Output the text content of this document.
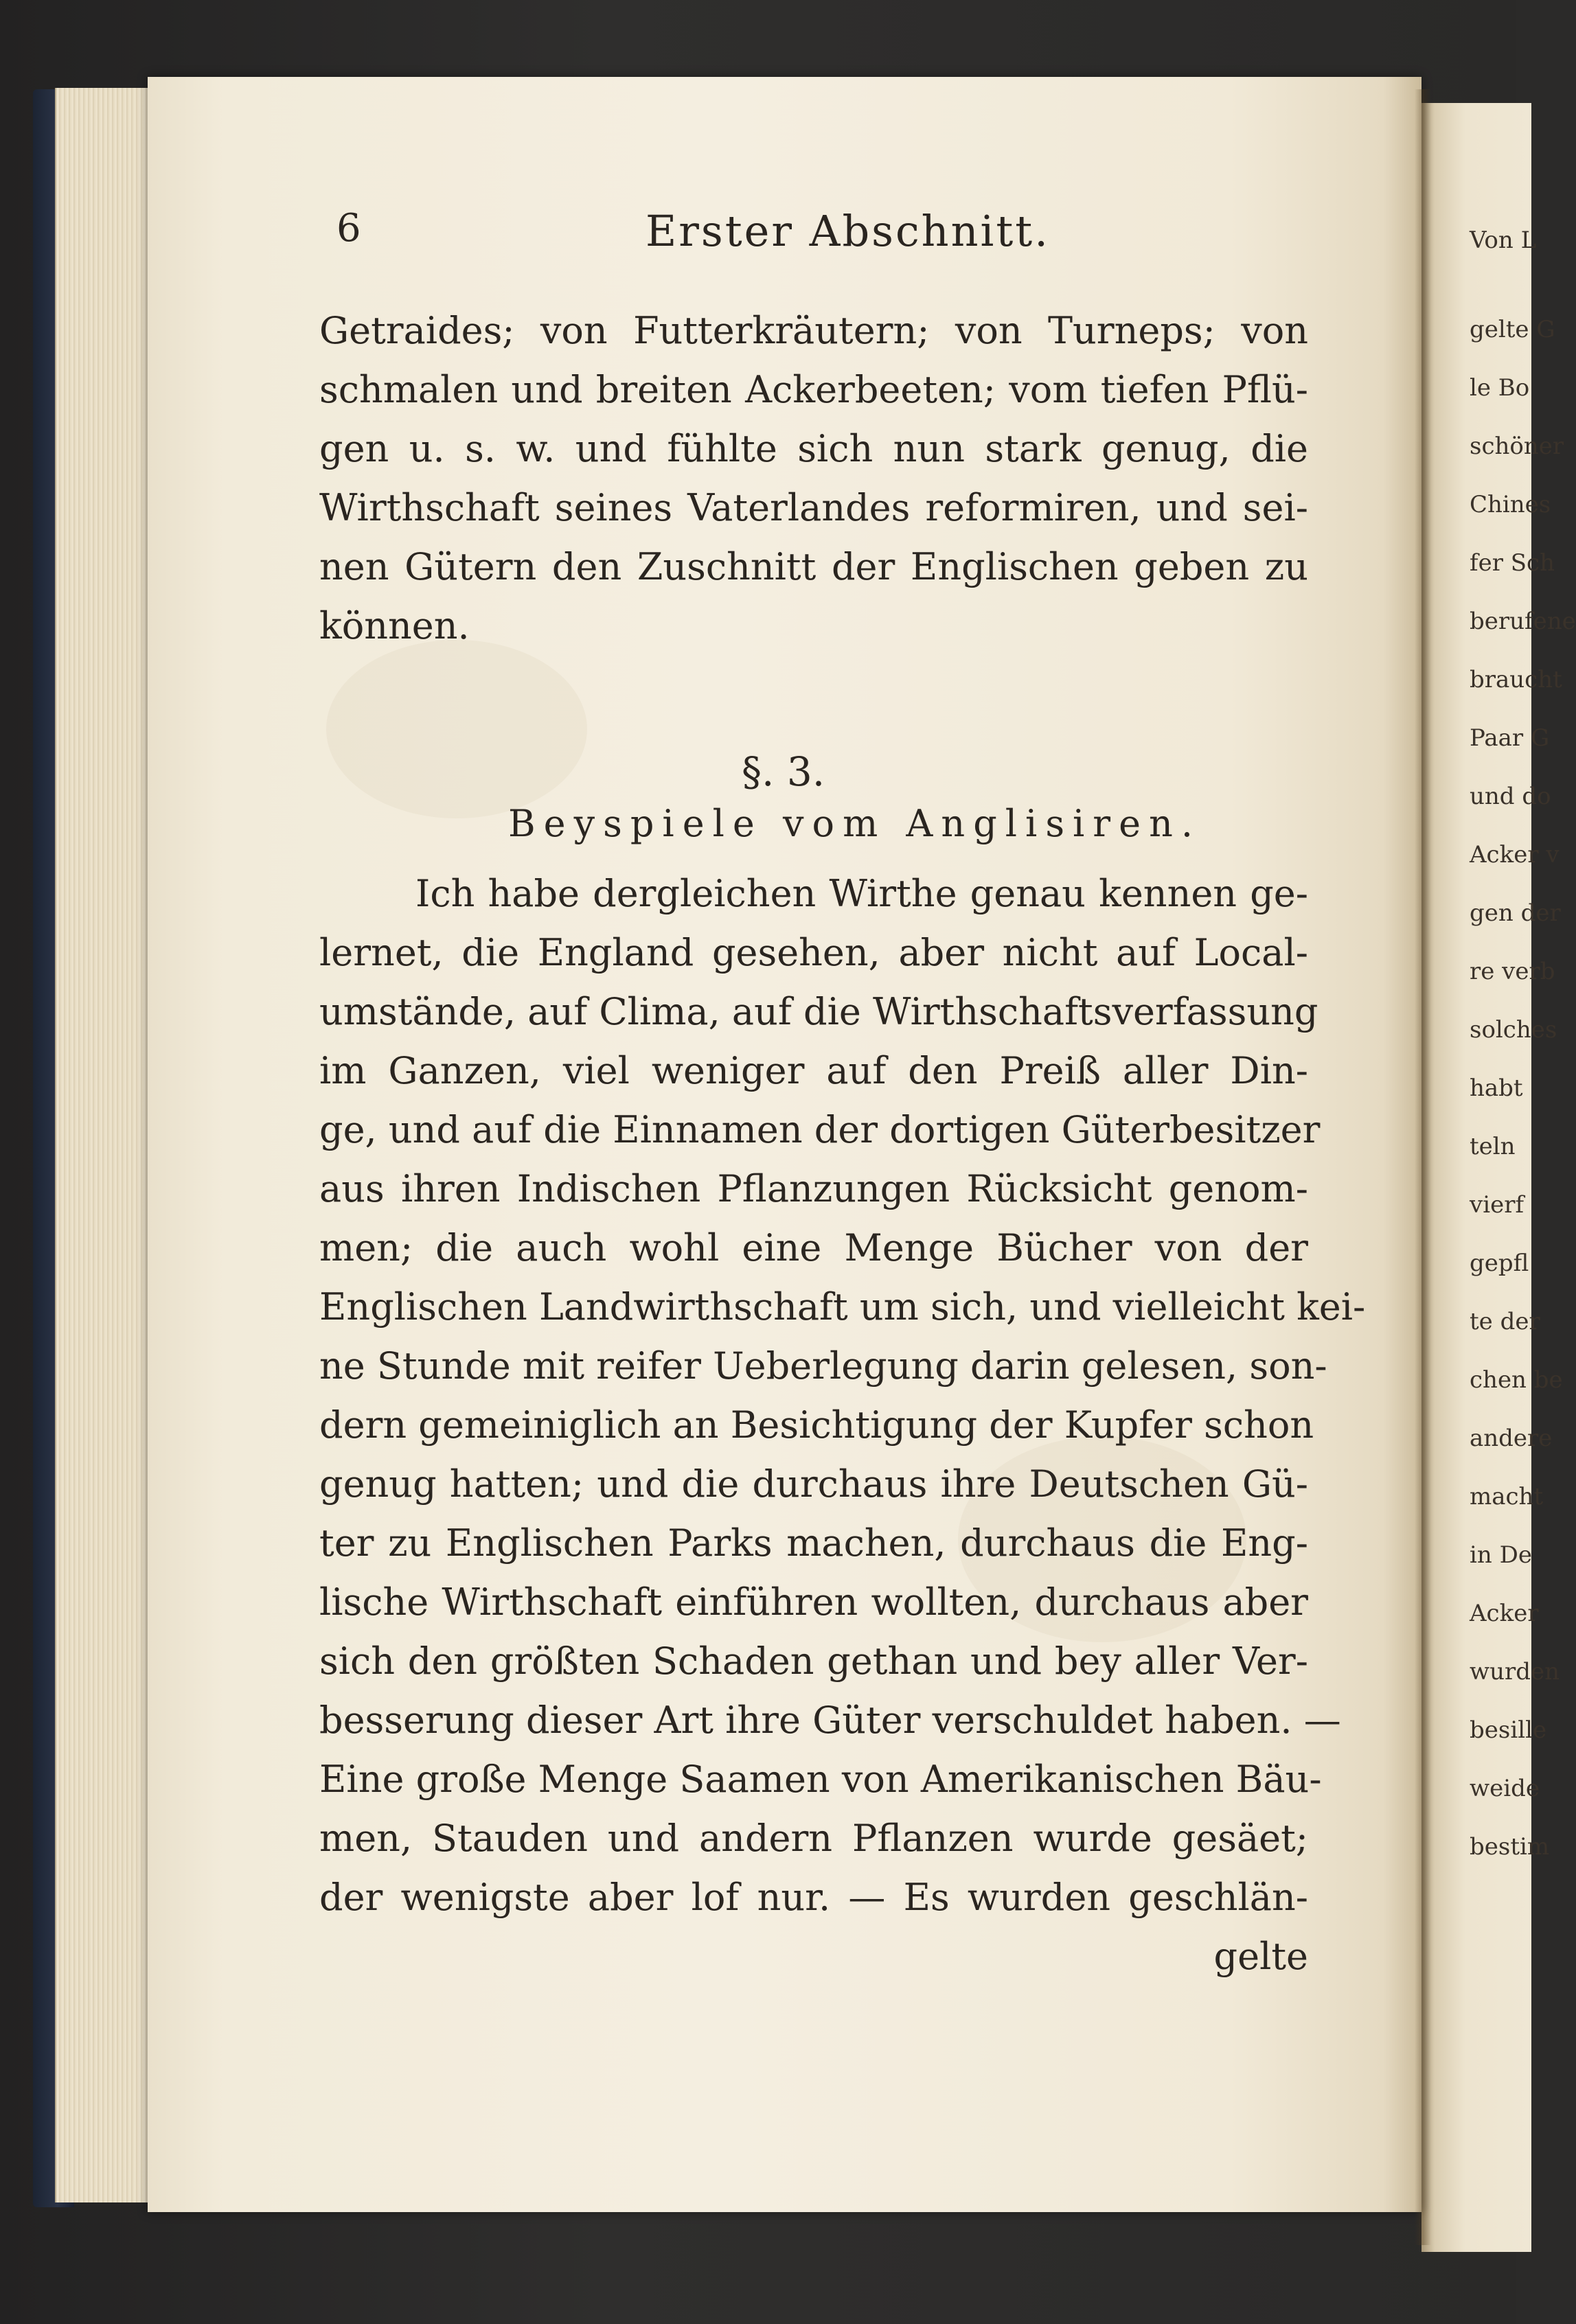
6	Erster Abschnitt.
Getraides; von Futterkräutern; von Turneps; von
schmalen und breiten Ackerbeeten; vom tiefen Pflü-
gen u. s. w. und fühlte sich nun stark genug, die
Wirthschaft seines Vaterlandes reformiren, und sei-
nen Gütern den Zuschnitt der Englischen geben zu
können.
§. 3.
Beyspiele vom Anglisiren.
Ich habe dergleichen Wirthe genau kennen ge-
lernet, die England gesehen, aber nicht auf Local-
umstände, auf Clima, auf die Wirthschaftsverfassung
im Ganzen, viel weniger auf den Preiß aller Din-
ge, und auf die Einnamen der dortigen Güterbesitzer
aus ihren Indischen Pflanzungen Rücksicht genom-
men; die auch wohl eine Menge Bücher von der
Englischen Landwirthschaft um sich, und vielleicht kei-
ne Stunde mit reifer Ueberlegung darin gelesen, son-
dern gemeiniglich an Besichtigung der Kupfer schon
genug hatten; und die durchaus ihre Deutschen Gü-
ter zu Englischen Parks machen, durchaus die Eng-
lische Wirthschaft einführen wollten, durchaus aber
sich den größten Schaden gethan und bey aller Ver-
besserung dieser Art ihre Güter verschuldet haben. —
Eine große Menge Saamen von Amerikanischen Bäu-
men, Stauden und andern Pflanzen wurde gesäet;
der wenigste aber lof nur. — Es wurden geschlän-
gelte
Von L
gelte G
le Bo
schöner
Chines
fer Sch
berufene
braucht
Paar G
und do
Acker v
gen der
re verb
solches
habt
teln
vierf
gepfl
te der
chen be
andere
macht
in De
Acker
wurden
besille
weide
bestim
